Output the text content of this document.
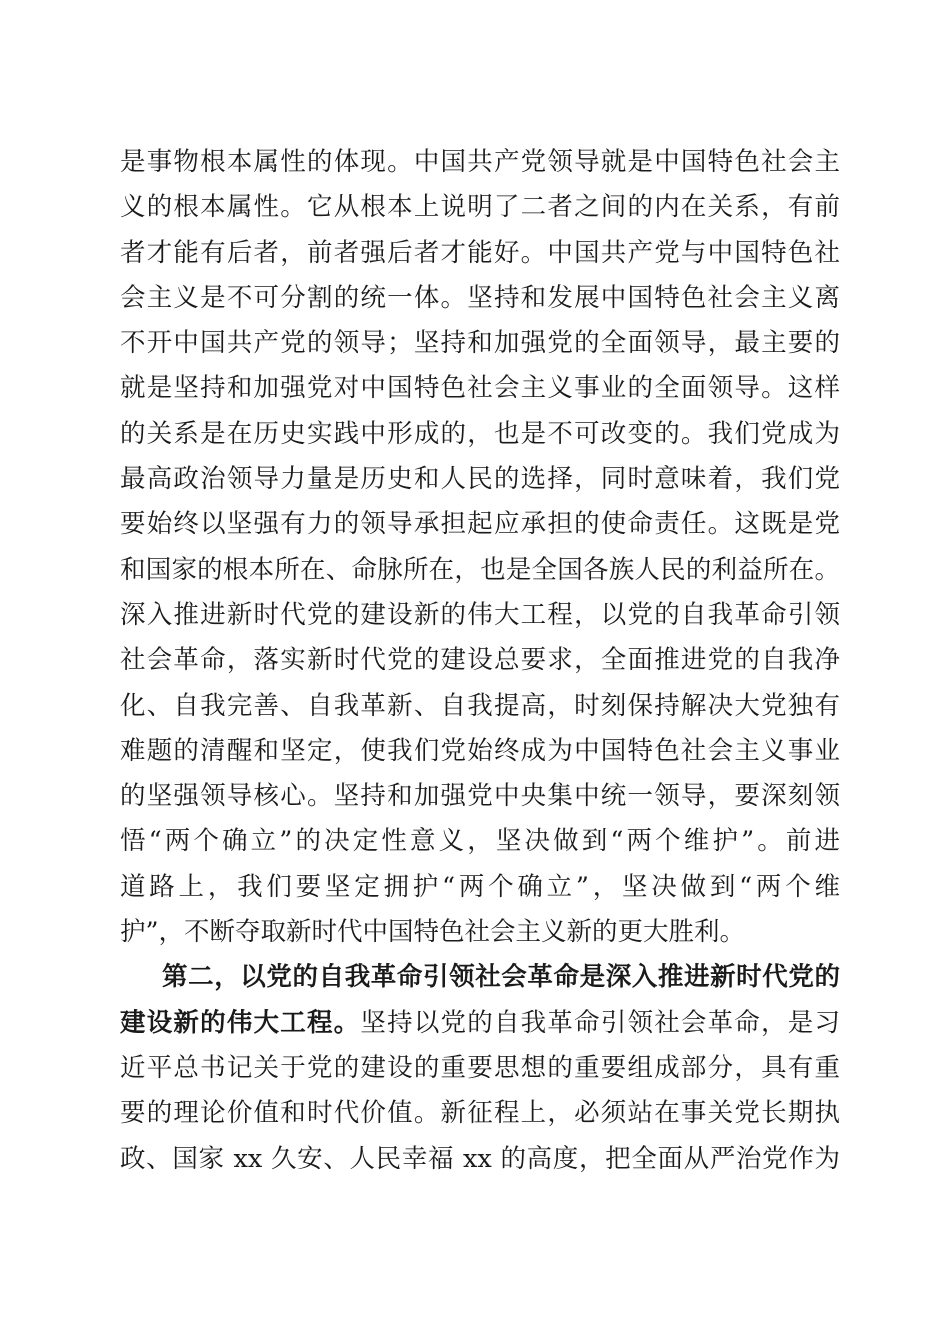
是事物根本属性的体现。中国共产党领导就是中国特色社会主
义的根本属性。它从根本上说明了二者之间的内在关系，有前
者才能有后者，前者强后者才能好。中国共产党与中国特色社
会主义是不可分割的统一体。坚持和发展中国特色社会主义离
不开中国共产党的领导；坚持和加强党的全面领导，最主要的
就是坚持和加强党对中国特色社会主义事业的全面领导。这样
的关系是在历史实践中形成的，也是不可改变的。我们党成为
最高政治领导力量是历史和人民的选择，同时意味着，我们党
要始终以坚强有力的领导承担起应承担的使命责任。这既是党
和国家的根本所在、命脉所在，也是全国各族人民的利益所在。
深入推进新时代党的建设新的伟大工程，以党的自我革命引领
社会革命，落实新时代党的建设总要求，全面推进党的自我净
化、自我完善、自我革新、自我提高，时刻保持解决大党独有
难题的清醒和坚定，使我们党始终成为中国特色社会主义事业
的坚强领导核心。坚持和加强党中央集中统一领导，要深刻领
悟“两个确立”的决定性意义，坚决做到“两个维护”。前进
道路上，我们要坚定拥护“两个确立”，坚决做到“两个维
护”，不断夺取新时代中国特色社会主义新的更大胜利。
第二，以党的自我革命引领社会革命是深入推进新时代党的
建设新的伟大工程。坚持以党的自我革命引领社会革命，是习
近平总书记关于党的建设的重要思想的重要组成部分，具有重
要的理论价值和时代价值。新征程上，必须站在事关党长期执
政、国家 xx 久安、人民幸福 xx 的高度，把全面从严治党作为
